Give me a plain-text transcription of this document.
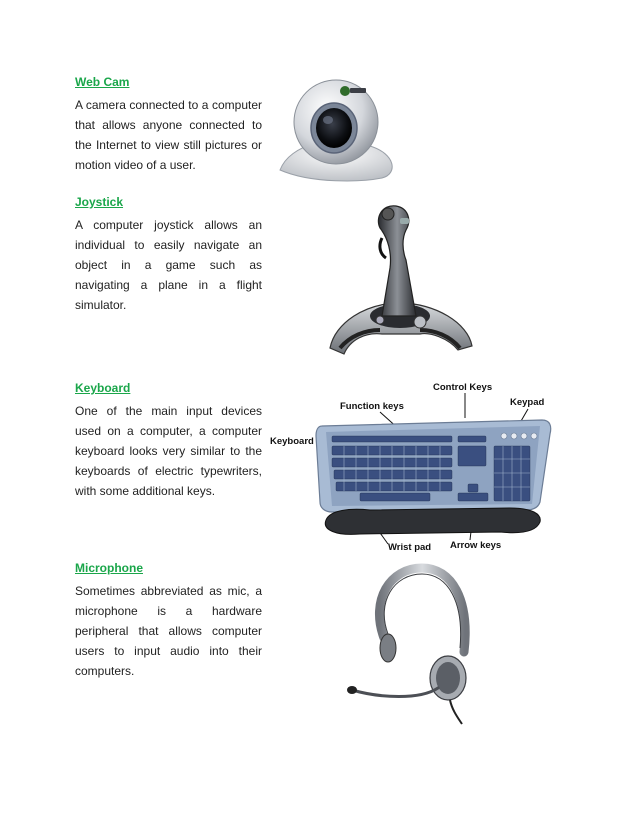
Web Cam

A camera connected to a computer that allows anyone connected to the Internet to view still pictures or motion video of a user.

Joystick

A computer joystick allows an individual to easily navigate an object in a game such as navigating a plane in a flight simulator.

Keyboard

One of the main input devices used on a computer, a computer keyboard looks very similar to the keyboards of electric typewriters, with some additional keys.

Microphone

Sometimes abbreviated as mic, a microphone is a hardware peripheral that allows computer users to input audio into their computers.

Control Keys
Keypad
Function keys
Keyboard
Wrist pad Arrow keys
